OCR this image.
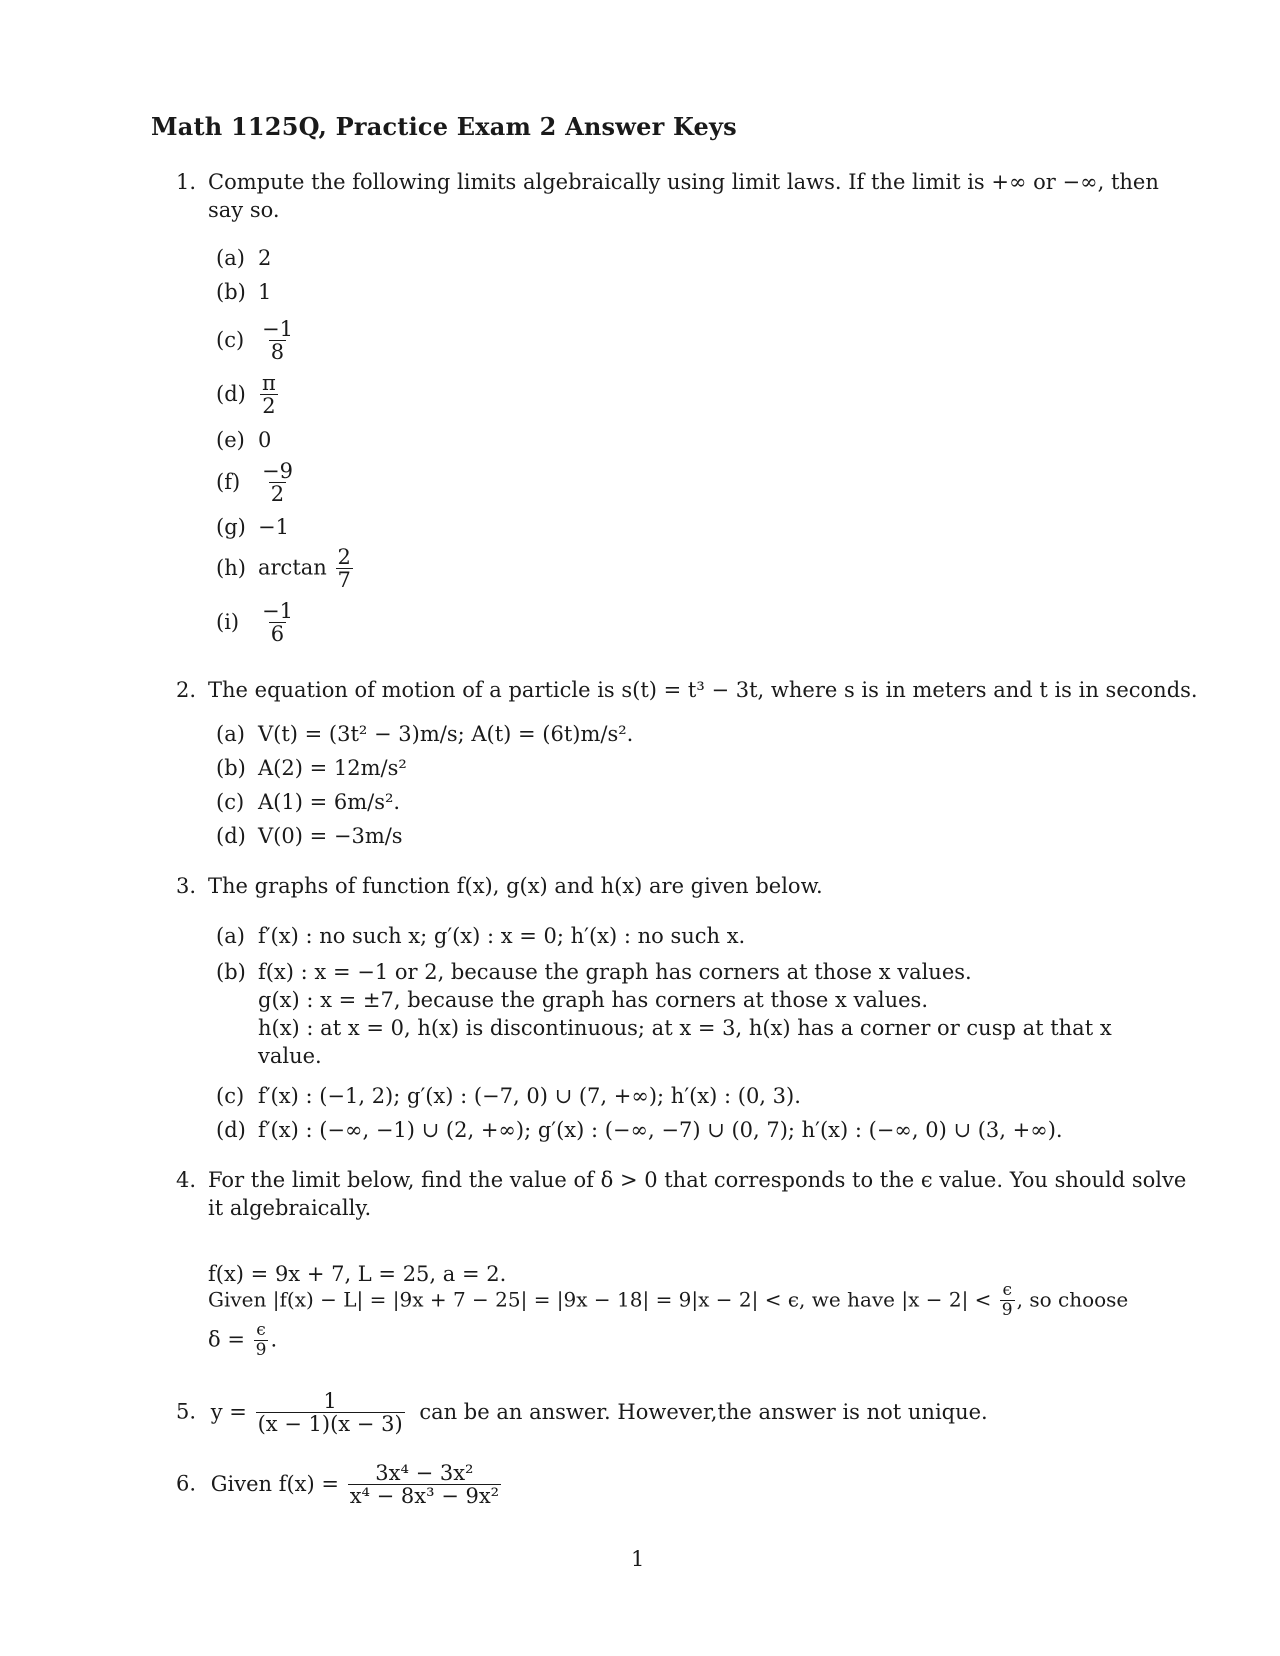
Math 1125Q, Practice Exam 2 Answer Keys
1. Compute the following limits algebraically using limit laws. If the limit is +∞ or −∞, then
say so.
(a) 2
(b) 1
$(c) \frac{-1}{8}$
$(d) \frac{\pi}{2}$
(e) 0
$(f) \frac{-9}{2}$
(g) −1
(h) $\arctan \frac{2}{7}$
$(i) \frac{-1}{6}$
2. The equation of motion of a particle is s(t) = t³ − 3t, where s is in meters and t is in seconds.
(a) V(t) = (3t² − 3)m/s; A(t) = (6t)m/s².
(b) A(2) = 12m/s²
(c) A(1) = 6m/s².
(d) V(0) = −3m/s
3. The graphs of function f(x), g(x) and h(x) are given below.
(a) f′(x) : no such x; g′(x) : x = 0; h′(x) : no such x.
(b) f(x) : x = −1 or 2, because the graph has corners at those x values.
g(x) : x = ±7, because the graph has corners at those x values.
h(x) : at x = 0, h(x) is discontinuous; at x = 3, h(x) has a corner or cusp at that x
value.
(c) f′(x) : (−1, 2); g′(x) : (−7, 0) ∪ (7, +∞); h′(x) : (0, 3).
(d) f′(x) : (−∞, −1) ∪ (2, +∞); g′(x) : (−∞, −7) ∪ (0, 7); h′(x) : (−∞, 0) ∪ (3, +∞).
4. For the limit below, find the value of δ > 0 that corresponds to the ϵ value. You should solve
it algebraically.
f(x) = 9x + 7, L = 25, a = 2.
Given |f(x) − L| = |9x + 7 − 25| = |9x − 18| = 9|x − 2| < ϵ, we have $|x - 2| < \frac{\epsilon}{9}$ , so choose
$\delta = \frac{\epsilon}{9}$ .
5. $y = \frac{1}{(x - 1)(x - 3)}$ can be an answer. However,the answer is not unique.
6. Given $f(x) = \frac{\text{3x⁴ − 3x²}}{\text{x⁴ − 8x³ − 9x²}}$
1
